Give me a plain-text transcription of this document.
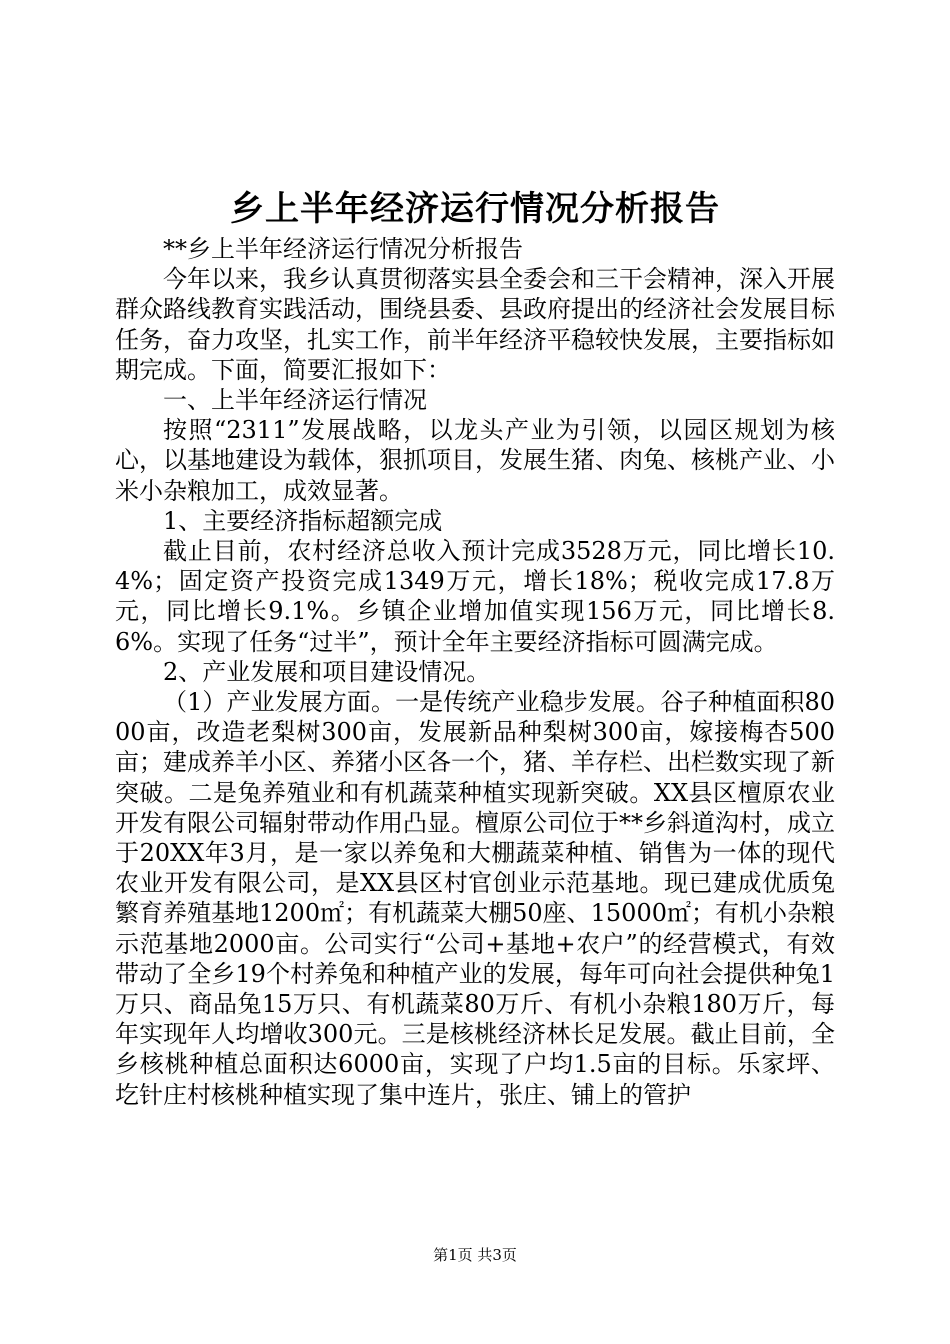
乡上半年经济运行情况分析报告

**乡上半年经济运行情况分析报告

今年以来，我乡认真贯彻落实县全委会和三干会精神，深入开展群众路线教育实践活动，围绕县委、县政府提出的经济社会发展目标任务，奋力攻坚，扎实工作，前半年经济平稳较快发展，主要指标如期完成。下面，简要汇报如下：

一、上半年经济运行情况

按照“2311”发展战略，以龙头产业为引领，以园区规划为核心，以基地建设为载体，狠抓项目，发展生猪、肉兔、核桃产业、小米小杂粮加工，成效显著。

1、主要经济指标超额完成

截止目前，农村经济总收入预计完成3528万元，同比增长10.4%；固定资产投资完成1349万元，增长18%；税收完成17.8万元，同比增长9.1%。乡镇企业增加值实现156万元，同比增长8.6%。实现了任务“过半”，预计全年主要经济指标可圆满完成。

2、产业发展和项目建设情况。

（1）产业发展方面。一是传统产业稳步发展。谷子种植面积8000亩，改造老梨树300亩，发展新品种梨树300亩，嫁接梅杏500亩；建成养羊小区、养猪小区各一个，猪、羊存栏、出栏数实现了新突破。二是兔养殖业和有机蔬菜种植实现新突破。XX县区檀原农业开发有限公司辐射带动作用凸显。檀原公司位于**乡斜道沟村，成立于20XX年3月，是一家以养兔和大棚蔬菜种植、销售为一体的现代农业开发有限公司，是XX县区村官创业示范基地。现已建成优质兔繁育养殖基地1200㎡；有机蔬菜大棚50座、15000㎡；有机小杂粮示范基地2000亩。公司实行“公司+基地+农户”的经营模式，有效带动了全乡19个村养兔和种植产业的发展，每年可向社会提供种兔1万只、商品兔15万只、有机蔬菜80万斤、有机小杂粮180万斤，每年实现年人均增收300元。三是核桃经济林长足发展。截止目前，全乡核桃种植总面积达6000亩，实现了户均1.5亩的目标。乐家坪、圪针庄村核桃种植实现了集中连片，张庄、铺上的管护

第1页 共3页
